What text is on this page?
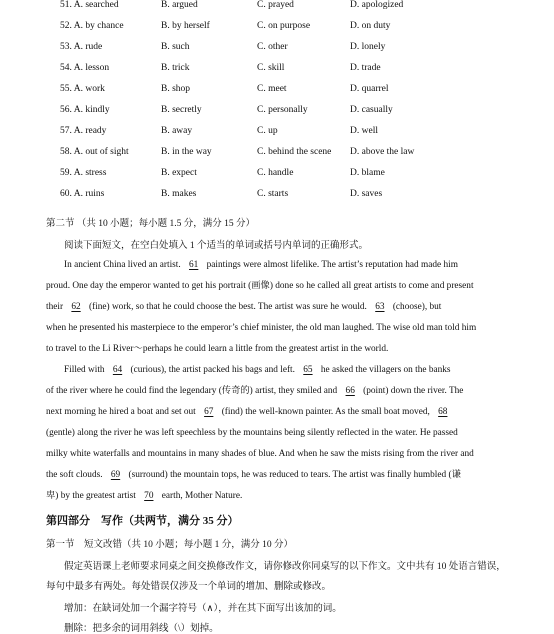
51. A. searched	B. argued	C. prayed	D. apologized
52. A. by chance	B. by herself	C. on purpose	D. on duty
53. A. rude	B. such	C. other	D. lonely
54. A. lesson	B. trick	C. skill	D. trade
55. A. work	B. shop	C. meet	D. quarrel
56. A. kindly	B. secretly	C. personally	D. casually
57. A. ready	B. away	C. up	D. well
58. A. out of sight	B. in the way	C. behind the scene D. above the law
59. A. stress	B. expect	C. handle	D. blame
60. A. ruins	B. makes	C. starts	D. saves
第二节 （共 10 小题；每小题 1.5 分，满分 15 分）
阅读下面短文，在空白处填入 1 个适当的单词或括号内单词的正确形式。
In ancient China lived an artist. 61 paintings were almost lifelike. The artist’s reputation had made him
proud. One day the emperor wanted to get his portrait (画像) done so he called all great artists to come and present
their 62 (fine) work, so that he could choose the best. The artist was sure he would. 63 (choose), but
when he presented his masterpiece to the emperor’s chief minister, the old man laughed. The wise old man told him
to travel to the Li River～perhaps he could learn a little from the greatest artist in the world.
Filled with 64 (curious), the artist packed his bags and left. 65 he asked the villagers on the banks
of the river where he could find the legendary (传奇的) artist, they smiled and 66 (point) down the river. The
next morning he hired a boat and set out 67 (find) the well-known painter. As the small boat moved, 68
(gentle) along the river he was left speechless by the mountains being silently reflected in the water. He passed
milky white waterfalls and mountains in many shades of blue. And when he saw the mists rising from the river and
the soft clouds. 69 (surround) the mountain tops, he was reduced to tears. The artist was finally humbled (谦
卑) by the greatest artist 70 earth, Mother Nature.
第四部分　写作（共两节，满分 35 分）
第一节　短文改错（共 10 小题；每小题 1 分，满分 10 分）
假定英语课上老师要求同桌之间交换修改作文，请你修改你同桌写的以下作文。文中共有 10 处语言错误，
每句中最多有两处。每处错误仅涉及一个单词的增加、删除或修改。
增加：在缺词处加一个漏字符号（∧），并在其下面写出该加的词。
删除：把多余的词用斜线（\）划掉。
